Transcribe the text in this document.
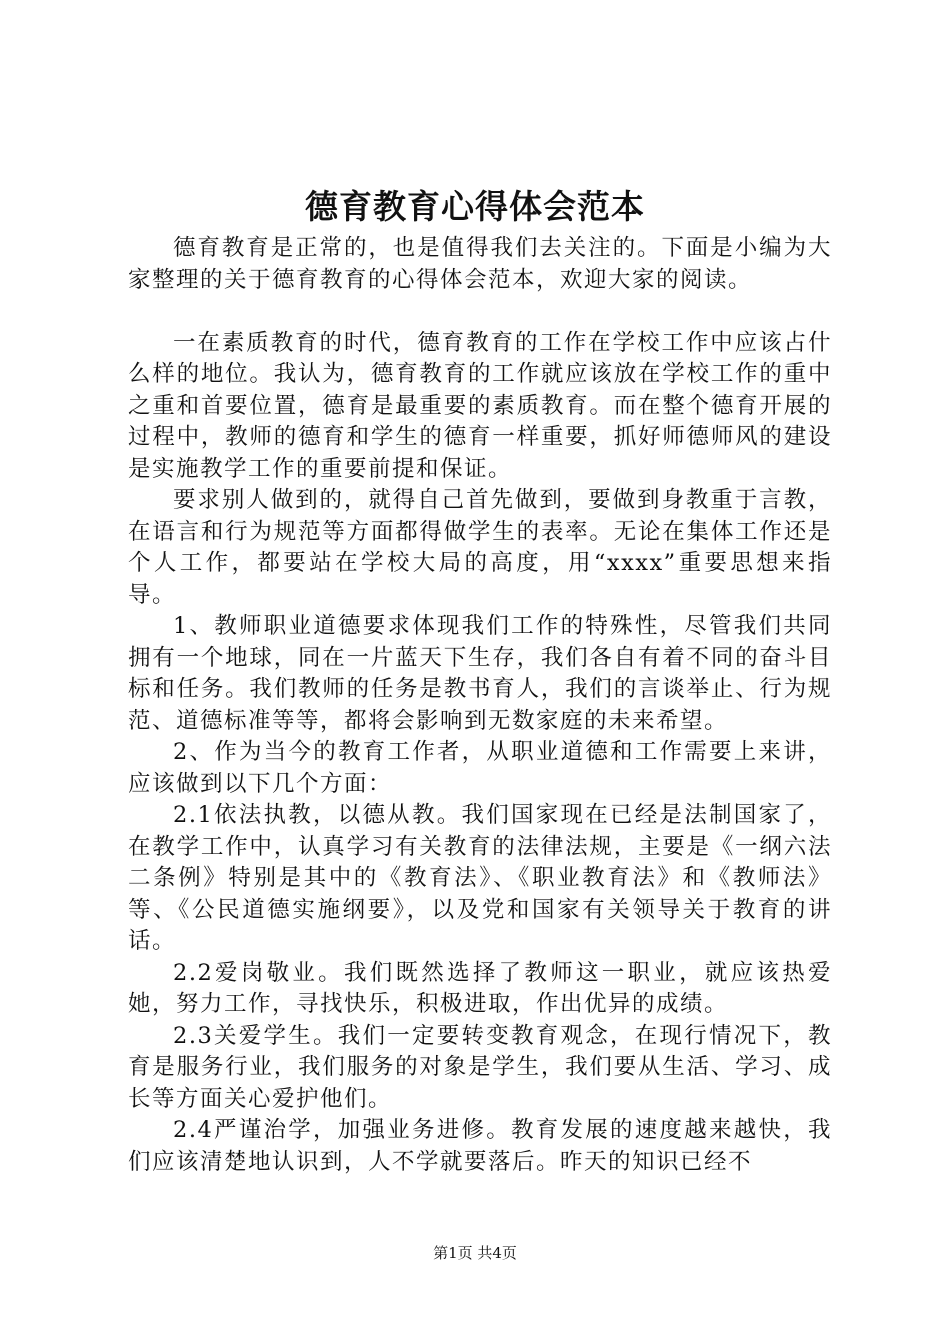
德育教育心得体会范本

德育教育是正常的，也是值得我们去关注的。下面是小编为大家整理的关于德育教育的心得体会范本，欢迎大家的阅读。

一在素质教育的时代，德育教育的工作在学校工作中应该占什么样的地位。我认为，德育教育的工作就应该放在学校工作的重中之重和首要位置，德育是最重要的素质教育。而在整个德育开展的过程中，教师的德育和学生的德育一样重要，抓好师德师风的建设是实施教学工作的重要前提和保证。

要求别人做到的，就得自己首先做到，要做到身教重于言教，在语言和行为规范等方面都得做学生的表率。无论在集体工作还是个人工作，都要站在学校大局的高度，用“xxxx”重要思想来指导。

1、教师职业道德要求体现我们工作的特殊性，尽管我们共同拥有一个地球，同在一片蓝天下生存，我们各自有着不同的奋斗目标和任务。我们教师的任务是教书育人，我们的言谈举止、行为规范、道德标准等等，都将会影响到无数家庭的未来希望。

2、作为当今的教育工作者，从职业道德和工作需要上来讲，应该做到以下几个方面：

2.1依法执教，以德从教。我们国家现在已经是法制国家了，在教学工作中，认真学习有关教育的法律法规，主要是《一纲六法二条例》特别是其中的《教育法》、《职业教育法》和《教师法》等、《公民道德实施纲要》，以及党和国家有关领导关于教育的讲话。

2.2爱岗敬业。我们既然选择了教师这一职业，就应该热爱她，努力工作，寻找快乐，积极进取，作出优异的成绩。

2.3关爱学生。我们一定要转变教育观念，在现行情况下，教育是服务行业，我们服务的对象是学生，我们要从生活、学习、成长等方面关心爱护他们。

2.4严谨治学，加强业务进修。教育发展的速度越来越快，我们应该清楚地认识到，人不学就要落后。昨天的知识已经不

第1页 共4页
